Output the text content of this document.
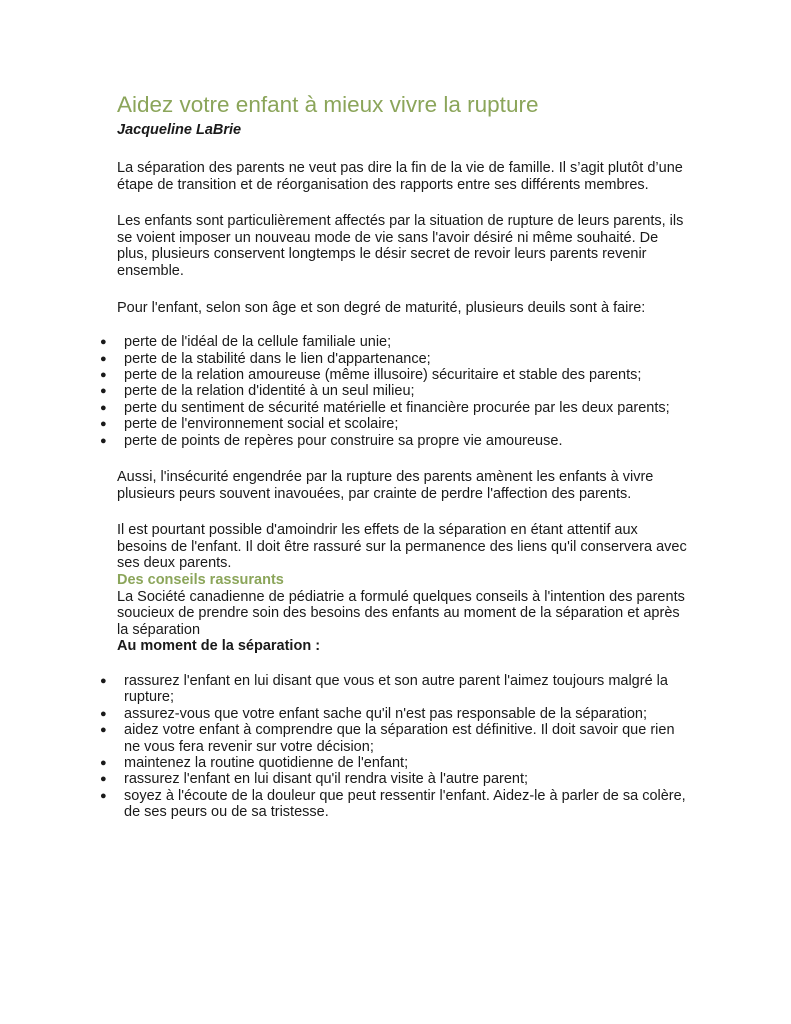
Aidez votre enfant à mieux vivre la rupture

Jacqueline LaBrie

La séparation des parents ne veut pas dire la fin de la vie de famille. Il s’agit plutôt d’une étape de transition et de réorganisation des rapports entre ses différents membres.

Les enfants sont particulièrement affectés par la situation de rupture de leurs parents, ils se voient imposer un nouveau mode de vie sans l'avoir désiré ni même souhaité. De plus, plusieurs conservent longtemps le désir secret de revoir leurs parents revenir ensemble.

Pour l'enfant, selon son âge et son degré de maturité, plusieurs deuils sont à faire:

● perte de l'idéal de la cellule familiale unie;
● perte de la stabilité dans le lien d'appartenance;
● perte de la relation amoureuse (même illusoire) sécuritaire et stable des parents;
● perte de la relation d'identité à un seul milieu;
● perte du sentiment de sécurité matérielle et financière procurée par les deux parents;
● perte de l'environnement social et scolaire;
● perte de points de repères pour construire sa propre vie amoureuse.

Aussi, l'insécurité engendrée par la rupture des parents amènent les enfants à vivre plusieurs peurs souvent inavouées, par crainte de perdre l'affection des parents.

Il est pourtant possible d'amoindrir les effets de la séparation en étant attentif aux besoins de l'enfant. Il doit être rassuré sur la permanence des liens qu'il conservera avec ses deux parents.

Des conseils rassurants

La Société canadienne de pédiatrie a formulé quelques conseils à l'intention des parents soucieux de prendre soin des besoins des enfants au moment de la séparation et après la séparation

Au moment de la séparation :

● rassurez l'enfant en lui disant que vous et son autre parent l'aimez toujours malgré la rupture;
● assurez-vous que votre enfant sache qu'il n'est pas responsable de la séparation;
● aidez votre enfant à comprendre que la séparation est définitive. Il doit savoir que rien ne vous fera revenir sur votre décision;
● maintenez la routine quotidienne de l'enfant;
● rassurez l'enfant en lui disant qu'il rendra visite à l'autre parent;
● soyez à l'écoute de la douleur que peut ressentir l'enfant. Aidez-le à parler de sa colère, de ses peurs ou de sa tristesse.
